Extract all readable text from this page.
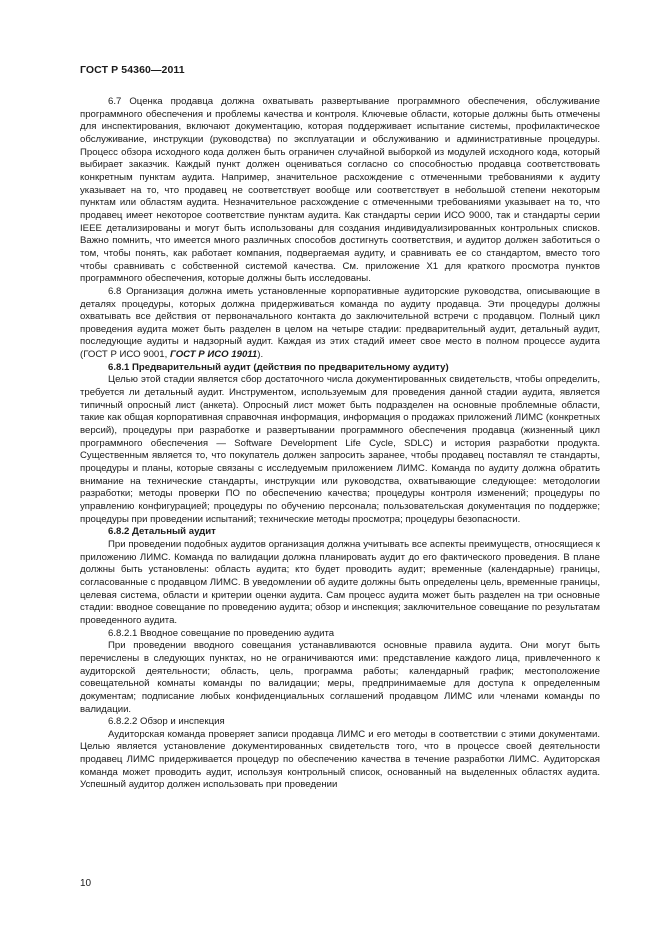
ГОСТ Р 54360—2011

6.7 Оценка продавца должна охватывать развертывание программного обеспечения, обслуживание программного обеспечения и проблемы качества и контроля. Ключевые области, которые должны быть отмечены для инспектирования, включают документацию, которая поддерживает испытание системы, профилактическое обслуживание, инструкции (руководства) по эксплуатации и обслуживанию и административные процедуры. Процесс обзора исходного кода должен быть ограничен случайной выборкой из модулей исходного кода, который выбирает заказчик. Каждый пункт должен оцениваться согласно со способностью продавца соответствовать конкретным пунктам аудита. Например, значительное расхождение с отмеченными требованиями к аудиту указывает на то, что продавец не соответствует вообще или соответствует в небольшой степени некоторым пунктам или областям аудита. Незначительное расхождение с отмеченными требованиями указывает на то, что продавец имеет некоторое соответствие пунктам аудита. Как стандарты серии ИСО 9000, так и стандарты серии IEEE детализированы и могут быть использованы для создания индивидуализированных контрольных списков. Важно помнить, что имеется много различных способов достигнуть соответствия, и аудитор должен заботиться о том, чтобы понять, как работает компания, подвергаемая аудиту, и сравнивать ее со стандартом, вместо того чтобы сравнивать с собственной системой качества. См. приложение Х1 для краткого просмотра пунктов программного обеспечения, которые должны быть исследованы.

6.8 Организация должна иметь установленные корпоративные аудиторские руководства, описывающие в деталях процедуры, которых должна придерживаться команда по аудиту продавца. Эти процедуры должны охватывать все действия от первоначального контакта до заключительной встречи с продавцом. Полный цикл проведения аудита может быть разделен в целом на четыре стадии: предварительный аудит, детальный аудит, последующие аудиты и надзорный аудит. Каждая из этих стадий имеет свое место в полном процессе аудита (ГОСТ Р ИСО 9001, ГОСТ Р ИСО 19011).

6.8.1 Предварительный аудит (действия по предварительному аудиту)

Целью этой стадии является сбор достаточного числа документированных свидетельств, чтобы определить, требуется ли детальный аудит. Инструментом, используемым для проведения данной стадии аудита, является типичный опросный лист (анкета). Опросный лист может быть подразделен на основные проблемные области, такие как общая корпоративная справочная информация, информация о продажах приложений ЛИМС (конкретных версий), процедуры при разработке и развертывании программного обеспечения продавца (жизненный цикл программного обеспечения — Software Development Life Cycle, SDLC) и история разработки продукта. Существенным является то, что покупатель должен запросить заранее, чтобы продавец поставлял те стандарты, процедуры и планы, которые связаны с исследуемым приложением ЛИМС. Команда по аудиту должна обратить внимание на технические стандарты, инструкции или руководства, охватывающие следующее: методологии разработки; методы проверки ПО по обеспечению качества; процедуры контроля изменений; процедуры по управлению конфигурацией; процедуры по обучению персонала; пользовательская документация по поддержке; процедуры при проведении испытаний; технические методы просмотра; процедуры безопасности.

6.8.2 Детальный аудит

При проведении подобных аудитов организация должна учитывать все аспекты преимуществ, относящиеся к приложению ЛИМС. Команда по валидации должна планировать аудит до его фактического проведения. В плане должны быть установлены: область аудита; кто будет проводить аудит; временные (календарные) границы, согласованные с продавцом ЛИМС. В уведомлении об аудите должны быть определены цель, временные границы, целевая система, области и критерии оценки аудита. Сам процесс аудита может быть разделен на три основные стадии: вводное совещание по проведению аудита; обзор и инспекция; заключительное совещание по результатам проведенного аудита.

6.8.2.1 Вводное совещание по проведению аудита

При проведении вводного совещания устанавливаются основные правила аудита. Они могут быть перечислены в следующих пунктах, но не ограничиваются ими: представление каждого лица, привлеченного к аудиторской деятельности; область, цель, программа работы; календарный график; местоположение совещательной комнаты команды по валидации; меры, предпринимаемые для доступа к определенным документам; подписание любых конфиденциальных соглашений продавцом ЛИМС или членами команды по валидации.

6.8.2.2 Обзор и инспекция

Аудиторская команда проверяет записи продавца ЛИМС и его методы в соответствии с этими документами. Целью является установление документированных свидетельств того, что в процессе своей деятельности продавец ЛИМС придерживается процедур по обеспечению качества в течение разработки ЛИМС. Аудиторская команда может проводить аудит, используя контрольный список, основанный на выделенных областях аудита. Успешный аудитор должен использовать при проведении

10
